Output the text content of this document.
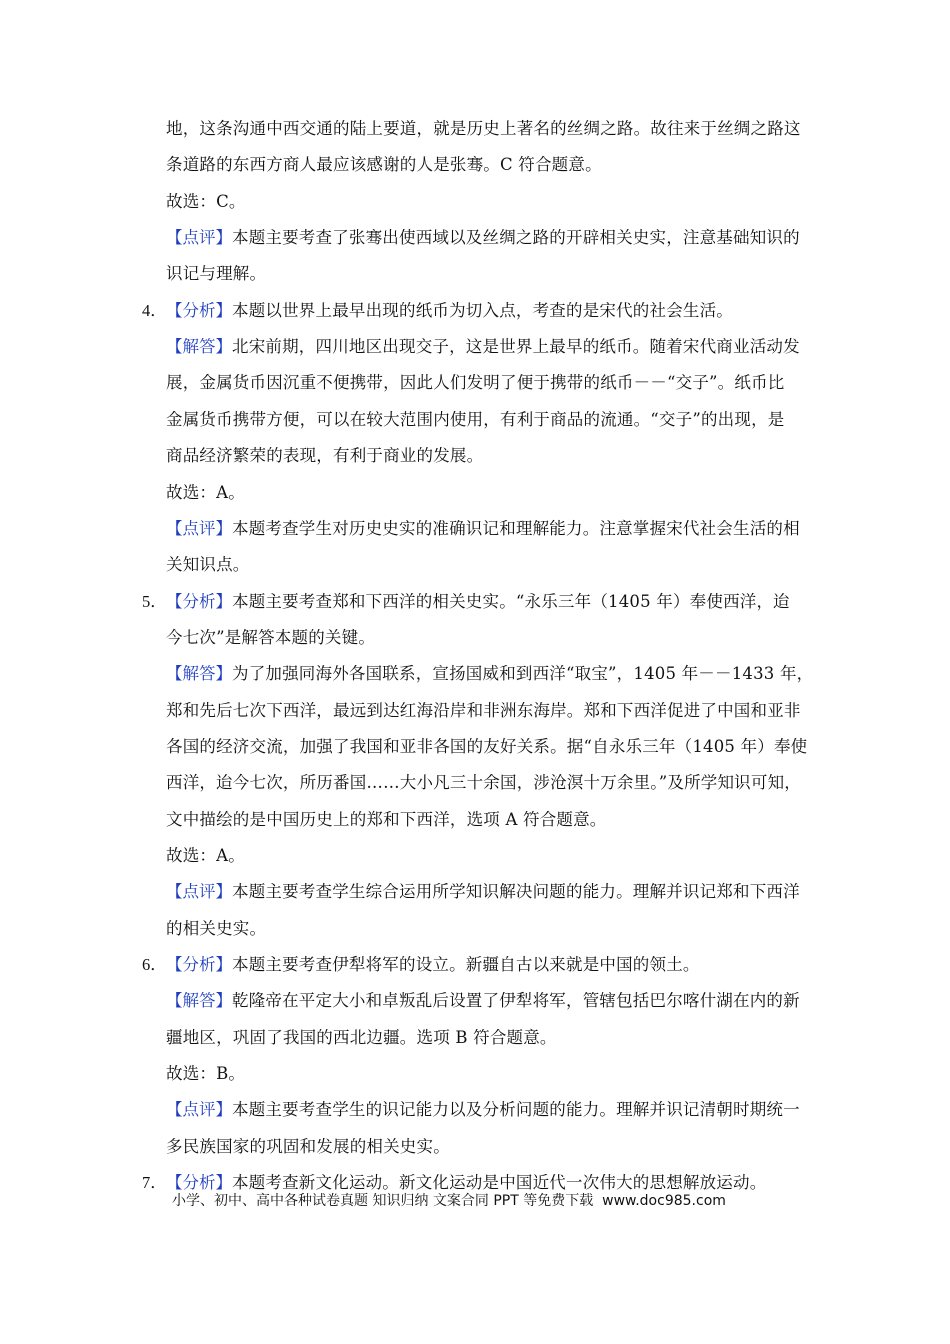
地，这条沟通中西交通的陆上要道，就是历史上著名的丝绸之路。故往来于丝绸之路这
条道路的东西方商人最应该感谢的人是张骞。C 符合题意。
故选：C。
【点评】本题主要考查了张骞出使西域以及丝绸之路的开辟相关史实，注意基础知识的
识记与理解。
4． 【分析】本题以世界上最早出现的纸币为切入点，考查的是宋代的社会生活。
【解答】北宋前期，四川地区出现交子，这是世界上最早的纸币。随着宋代商业活动发
展，金属货币因沉重不便携带，因此人们发明了便于携带的纸币－－“交子”。纸币比
金属货币携带方便，可以在较大范围内使用，有利于商品的流通。“交子”的出现，是
商品经济繁荣的表现，有利于商业的发展。
故选：A。
【点评】本题考查学生对历史史实的准确识记和理解能力。注意掌握宋代社会生活的相
关知识点。
5． 【分析】本题主要考查郑和下西洋的相关史实。“永乐三年（1405 年）奉使西洋，迨
今七次”是解答本题的关键。
【解答】为了加强同海外各国联系，宣扬国威和到西洋“取宝”，1405 年－－1433 年，
郑和先后七次下西洋，最远到达红海沿岸和非洲东海岸。郑和下西洋促进了中国和亚非
各国的经济交流，加强了我国和亚非各国的友好关系。据“自永乐三年（1405 年）奉使
西洋，迨今七次，所历番国……大小凡三十余国，涉沧溟十万余里。”及所学知识可知，
文中描绘的是中国历史上的郑和下西洋，选项 A 符合题意。
故选：A。
【点评】本题主要考查学生综合运用所学知识解决问题的能力。理解并识记郑和下西洋
的相关史实。
6． 【分析】本题主要考查伊犁将军的设立。新疆自古以来就是中国的领土。
【解答】乾隆帝在平定大小和卓叛乱后设置了伊犁将军，管辖包括巴尔喀什湖在内的新
疆地区，巩固了我国的西北边疆。选项 B 符合题意。
故选：B。
【点评】本题主要考查学生的识记能力以及分析问题的能力。理解并识记清朝时期统一
多民族国家的巩固和发展的相关史实。
7． 【分析】本题考查新文化运动。新文化运动是中国近代一次伟大的思想解放运动。
小学、初中、高中各种试卷真题 知识归纳 文案合同 PPT 等免费下载 www.doc985.com
